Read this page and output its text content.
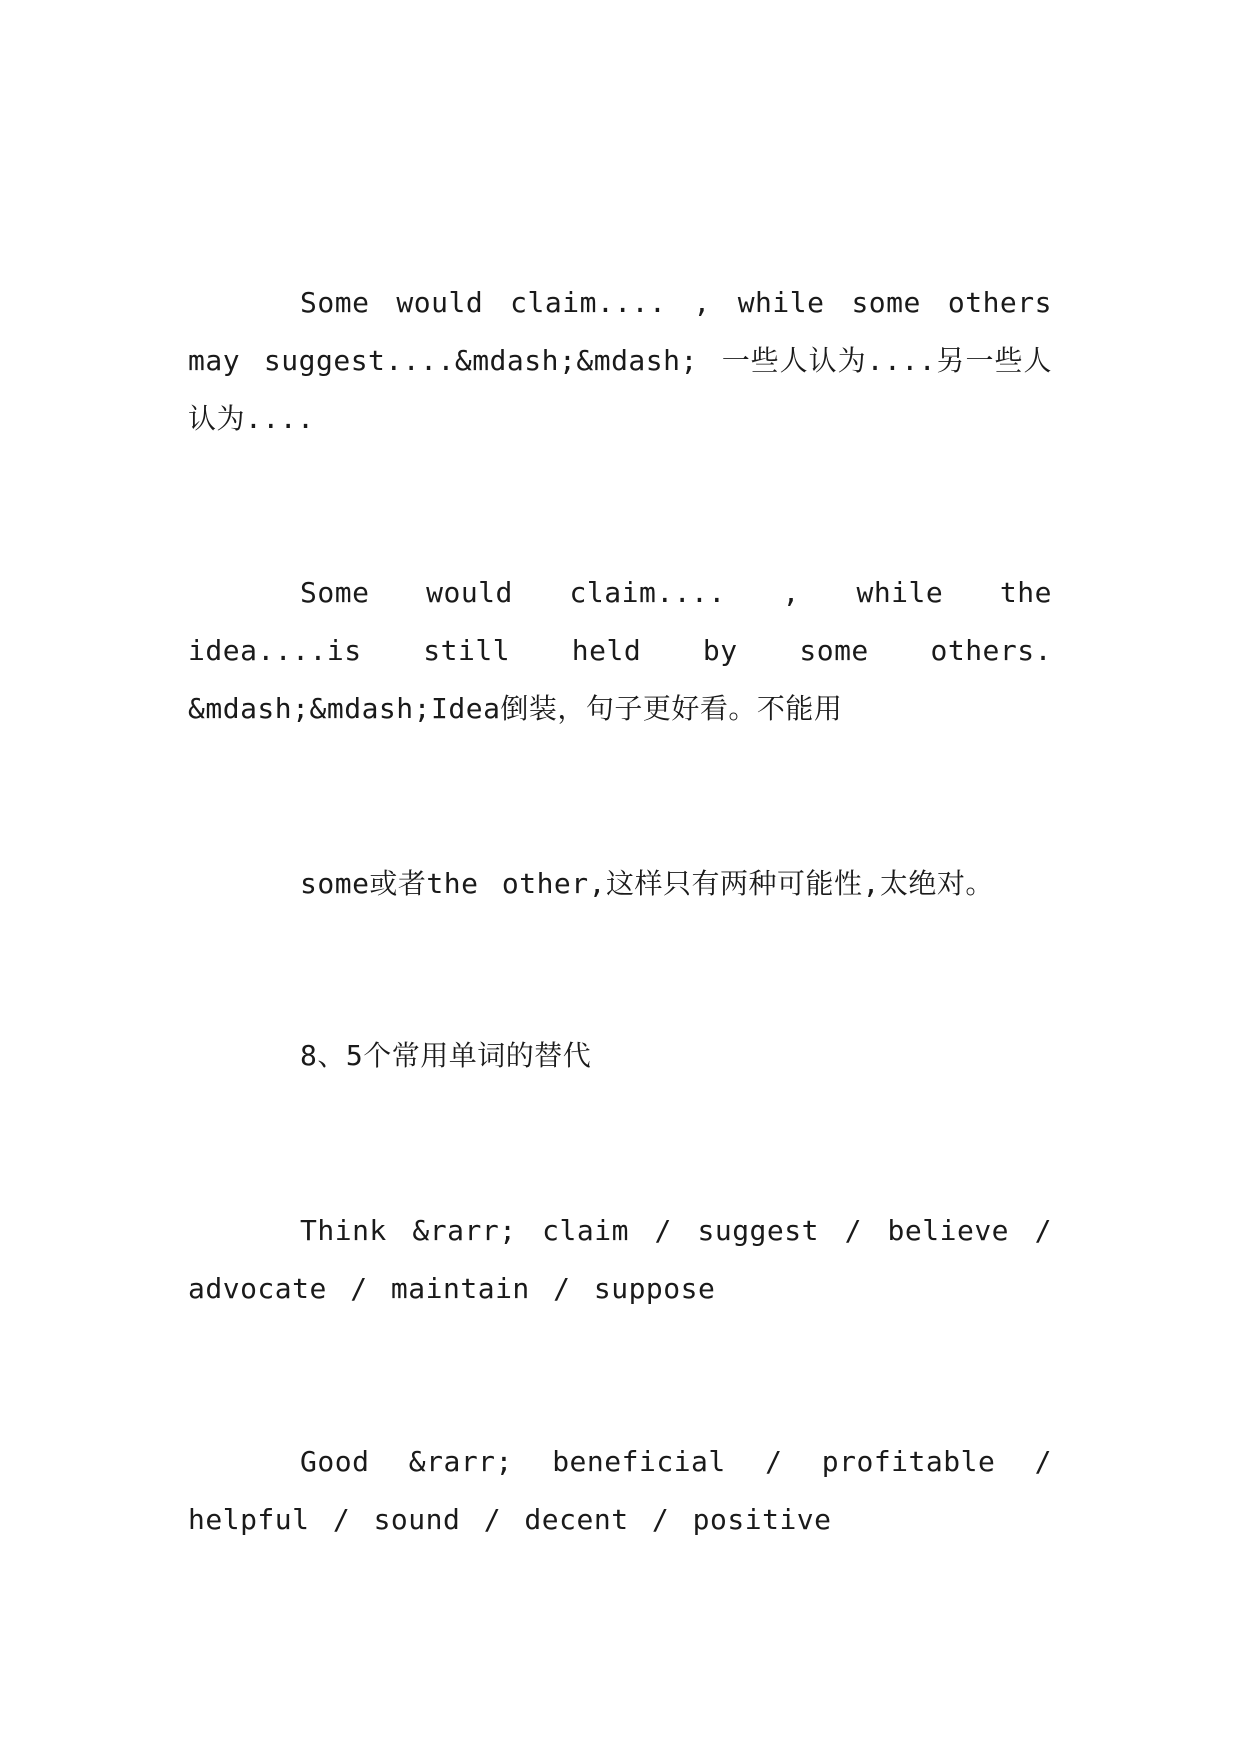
Some would claim.... , while some others may suggest....&mdash;&mdash; 一些人认为....另一些人认为....

Some would claim.... , while the idea....is still held by some others. &mdash;&mdash;Idea倒装，句子更好看。不能用

some或者the other,这样只有两种可能性,太绝对。

8、5个常用单词的替代

Think &rarr; claim / suggest / believe / advocate / maintain / suppose

Good &rarr; beneficial / profitable / helpful / sound / decent / positive
